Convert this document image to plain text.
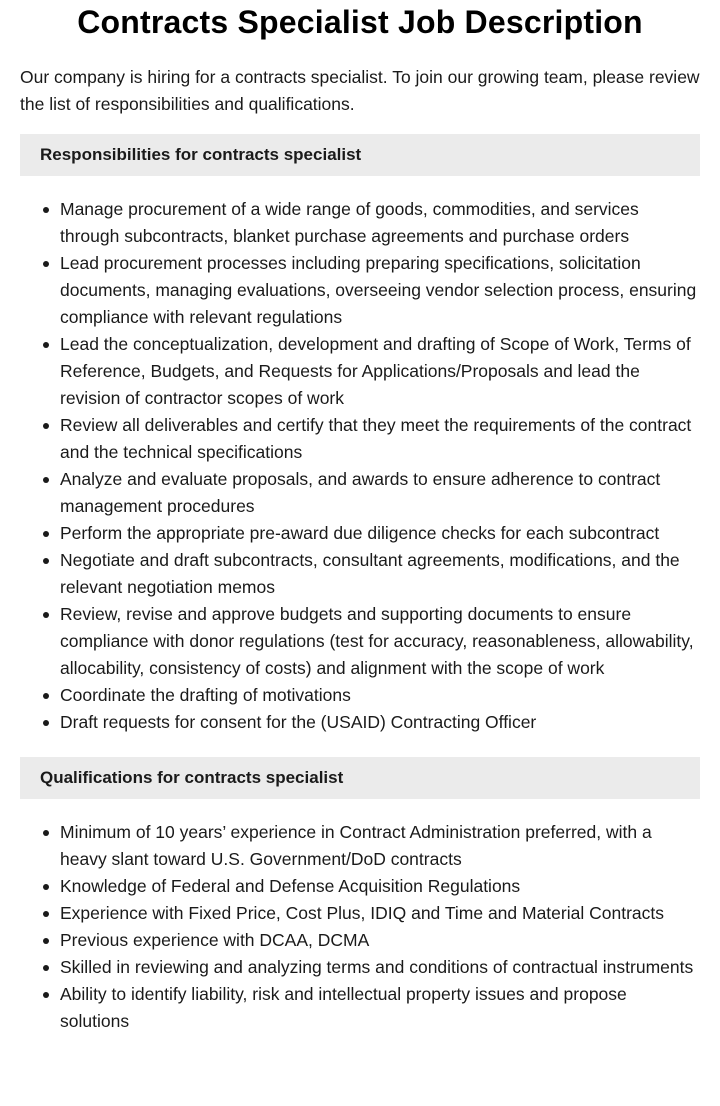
Contracts Specialist Job Description

Our company is hiring for a contracts specialist. To join our growing team, please review the list of responsibilities and qualifications.

Responsibilities for contracts specialist
Manage procurement of a wide range of goods, commodities, and services through subcontracts, blanket purchase agreements and purchase orders
Lead procurement processes including preparing specifications, solicitation documents, managing evaluations, overseeing vendor selection process, ensuring compliance with relevant regulations
Lead the conceptualization, development and drafting of Scope of Work, Terms of Reference, Budgets, and Requests for Applications/Proposals and lead the revision of contractor scopes of work
Review all deliverables and certify that they meet the requirements of the contract and the technical specifications
Analyze and evaluate proposals, and awards to ensure adherence to contract management procedures
Perform the appropriate pre-award due diligence checks for each subcontract
Negotiate and draft subcontracts, consultant agreements, modifications, and the relevant negotiation memos
Review, revise and approve budgets and supporting documents to ensure compliance with donor regulations (test for accuracy, reasonableness, allowability, allocability, consistency of costs) and alignment with the scope of work
Coordinate the drafting of motivations
Draft requests for consent for the (USAID) Contracting Officer
Qualifications for contracts specialist
Minimum of 10 years’ experience in Contract Administration preferred, with a heavy slant toward U.S. Government/DoD contracts
Knowledge of Federal and Defense Acquisition Regulations
Experience with Fixed Price, Cost Plus, IDIQ and Time and Material Contracts
Previous experience with DCAA, DCMA
Skilled in reviewing and analyzing terms and conditions of contractual instruments
Ability to identify liability, risk and intellectual property issues and propose solutions
